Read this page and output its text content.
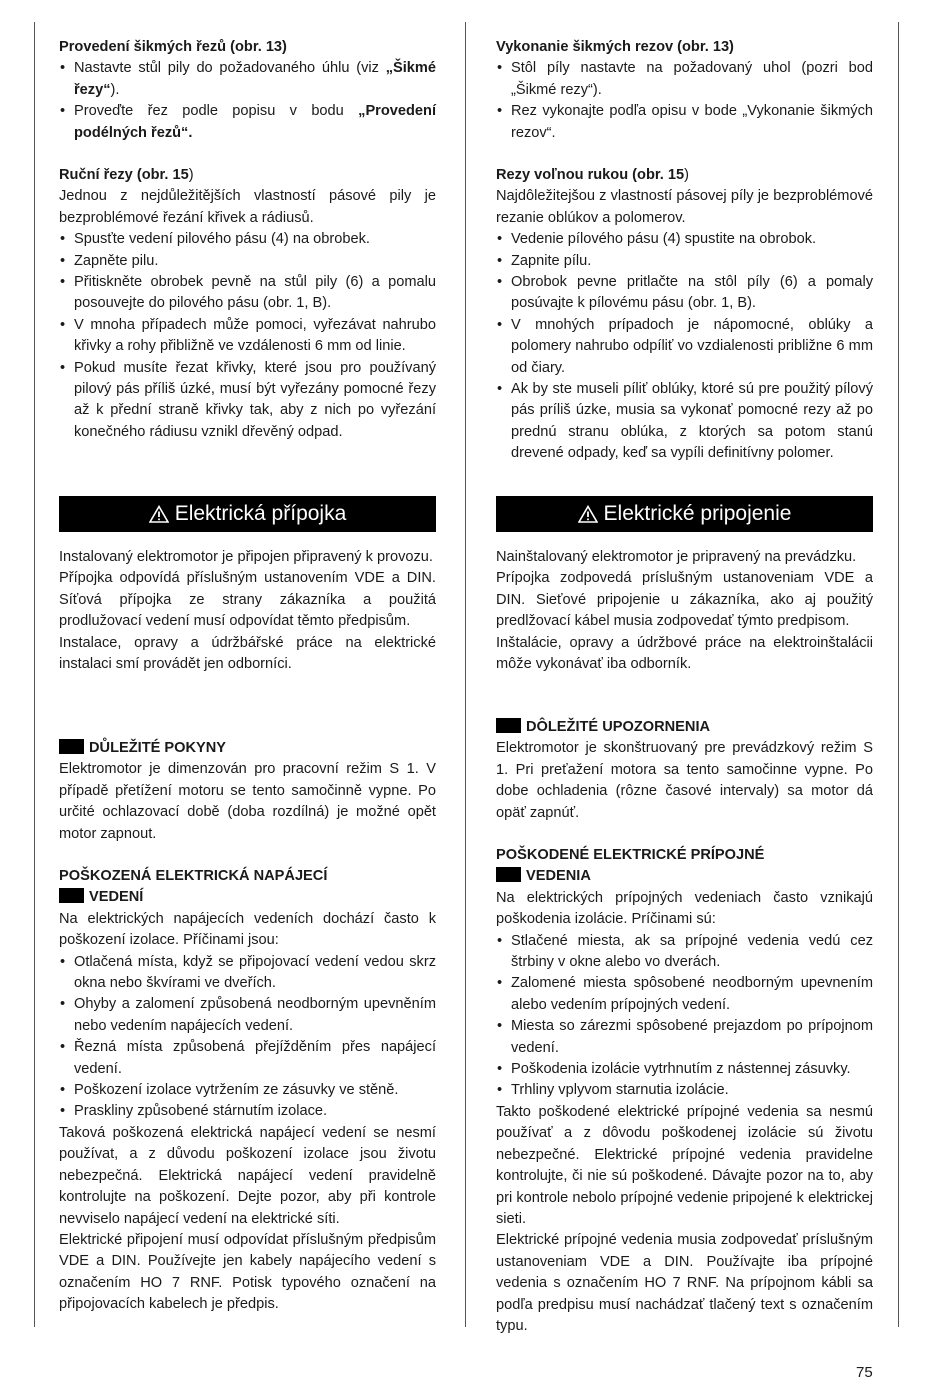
Provedení šikmých řezů (obr. 13)
• Nastavte stůl pily do požadovaného úhlu (viz „Šikmé řezy“).
• Proveďte řez podle popisu v bodu „Provedení podélných řezů“.
Ruční řezy (obr. 15)

Jednou z nejdůležitějších vlastností pásové pily je bezproblémové řezání křivek a rádiusů.

• Spusťte vedení pilového pásu (4) na obrobek.
• Zapněte pilu.
• Přitiskněte obrobek pevně na stůl pily (6) a pomalu posouvejte do pilového pásu (obr. 1, B).
• V mnoha případech může pomoci, vyřezávat nahrubo křivky a rohy přibližně ve vzdálenosti 6 mm od linie.
• Pokud musíte řezat křivky, které jsou pro používaný pilový pás příliš úzké, musí být vyřezány pomocné řezy až k přední straně křivky tak, aby z nich po vyřezání konečného rádiusu vznikl dřevěný odpad.
Elektrická přípojka

Instalovaný elektromotor je připojen připravený k provozu.

Přípojka odpovídá příslušným ustanovením VDE a DIN. Síťová přípojka ze strany zákazníka a použitá prodlužovací vedení musí odpovídat těmto předpisům.

Instalace, opravy a údržbářské práce na elektrické instalaci smí provádět jen odborníci.

DŮLEŽITÉ POKYNY

Elektromotor je dimenzován pro pracovní režim S 1. V případě přetížení motoru se tento samočinně vypne. Po určité ochlazovací době (doba rozdílná) je možné opět motor zapnout.

POŠKOZENÁ ELEKTRICKÁ NAPÁJECÍ
VEDENÍ

Na elektrických napájecích vedeních dochází často k poškození izolace. Příčinami jsou:

• Otlačená místa, když se připojovací vedení vedou skrz okna nebo škvírami ve dveřích.
• Ohyby a zalomení způsobená neodborným upevněním nebo vedením napájecích vedení.
• Řezná místa způsobená přejížděním přes napájecí vedení.
• Poškození izolace vytržením ze zásuvky ve stěně.
• Praskliny způsobené stárnutím izolace.

Taková poškozená elektrická napájecí vedení se nesmí používat, a z důvodu poškození izolace jsou životu nebezpečná. Elektrická napájecí vedení pravidelně kontrolujte na poškození. Dejte pozor, aby při kontrole nevviselo napájecí vedení na elektrické síti.

Elektrické připojení musí odpovídat příslušným předpisům VDE a DIN. Používejte jen kabely napájecího vedení s označením HO 7 RNF. Potisk typového označení na připojovacích kabelech je předpis.

Vykonanie šikmých rezov (obr. 13)
• Stôl píly nastavte na požadovaný uhol (pozri bod „Šikmé rezy“).
• Rez vykonajte podľa opisu v bode „Vykonanie šikmých rezov“.
Rezy voľnou rukou (obr. 15)

Najdôležitejšou z vlastností pásovej píly je bezproblémové rezanie oblúkov a polomerov.

• Vedenie pílového pásu (4) spustite na obrobok.
• Zapnite pílu.
• Obrobok pevne pritlačte na stôl píly (6) a pomaly posúvajte k pílovému pásu (obr. 1, B).
• V mnohých prípadoch je nápomocné, oblúky a polomery nahrubo odpíliť vo vzdialenosti približne 6 mm od čiary.
• Ak by ste museli píliť oblúky, ktoré sú pre použitý pílový pás príliš úzke, musia sa vykonať pomocné rezy až po prednú stranu oblúka, z ktorých sa potom stanú drevené odpady, keď sa vypíli definitívny polomer.
Elektrické pripojenie

Nainštalovaný elektromotor je pripravený na prevádzku.

Prípojka zodpovedá príslušným ustanoveniam VDE a DIN. Sieťové pripojenie u zákazníka, ako aj použitý predlžovací kábel musia zodpovedať týmto predpisom.

Inštalácie, opravy a údržbové práce na elektroinštalácii môže vykonávať iba odborník.

DÔLEŽITÉ UPOZORNENIA

Elektromotor je skonštruovaný pre prevádzkový režim S 1. Pri preťažení motora sa tento samočinne vypne. Po dobe ochladenia (rôzne časové intervaly) sa motor dá opäť zapnúť.

POŠKODENÉ ELEKTRICKÉ PRÍPOJNÉ
VEDENIA

Na elektrických prípojných vedeniach často vznikajú poškodenia izolácie. Príčinami sú:

• Stlačené miesta, ak sa prípojné vedenia vedú cez štrbiny v okne alebo vo dverách.
• Zalomené miesta spôsobené neodborným upevnením alebo vedením prípojných vedení.
• Miesta so zárezmi spôsobené prejazdom po prípojnom vedení.
• Poškodenia izolácie vytrhnutím z nástennej zásuvky.
• Trhliny vplyvom starnutia izolácie.

Takto poškodené elektrické prípojné vedenia sa nesmú používať a z dôvodu poškodenej izolácie sú životu nebezpečné. Elektrické prípojné vedenia pravidelne kontrolujte, či nie sú poškodené. Dávajte pozor na to, aby pri kontrole nebolo prípojné vedenie pripojené k elektrickej sieti.

Elektrické prípojné vedenia musia zodpovedať príslušným ustanoveniam VDE a DIN. Používajte iba prípojné vedenia s označením HO 7 RNF. Na prípojnom kábli sa podľa predpisu musí nachádzať tlačený text s označením typu.

75
